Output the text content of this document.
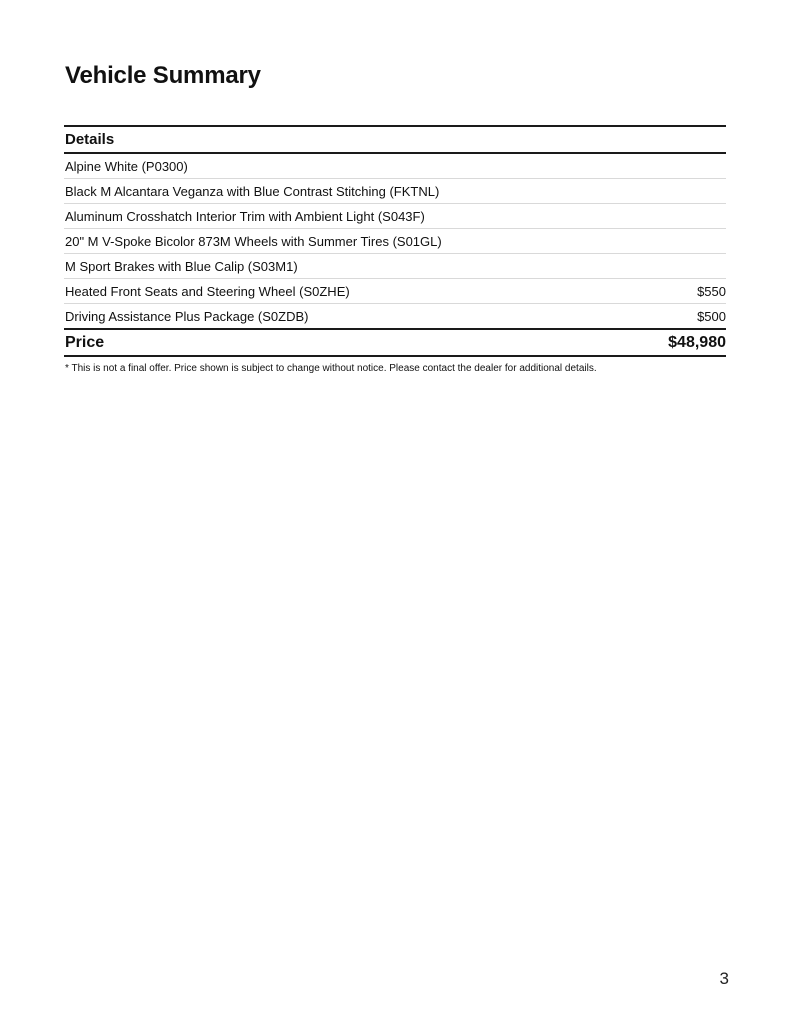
Vehicle Summary
Details
Alpine White (P0300)
Black M Alcantara Veganza with Blue Contrast Stitching (FKTNL)
Aluminum Crosshatch Interior Trim with Ambient Light (S043F)
20" M V-Spoke Bicolor 873M Wheels with Summer Tires (S01GL)
M Sport Brakes with Blue Calip (S03M1)
Heated Front Seats and Steering Wheel (S0ZHE)	$550
Driving Assistance Plus Package (S0ZDB)	$500
Price	$48,980
* This is not a final offer. Price shown is subject to change without notice. Please contact the dealer for additional details.
3
